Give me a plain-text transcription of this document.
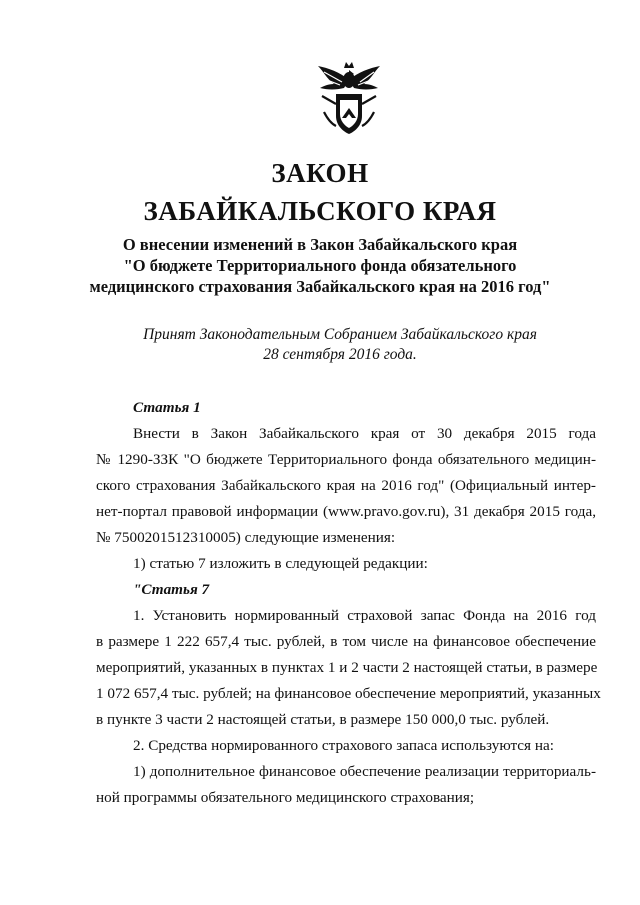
ЗАКОН
ЗАБАЙКАЛЬСКОГО КРАЯ
О внесении изменений в Закон Забайкальского края
"О бюджете Территориального фонда обязательного
медицинского страхования Забайкальского края на 2016 год"
Принят Законодательным Собранием Забайкальского края
28 сентября 2016 года.
Статья 1
Внести в Закон Забайкальского края от 30 декабря 2015 года
№ 1290-ЗЗК "О бюджете Территориального фонда обязательного медицин-
ского страхования Забайкальского края на 2016 год" (Официальный интер-
нет-портал правовой информации (www.pravo.gov.ru), 31 декабря 2015 года,
№ 7500201512310005) следующие изменения:
1) статью 7 изложить в следующей редакции:
"Статья 7
1. Установить нормированный страховой запас Фонда на 2016 год
в размере 1 222 657,4 тыс. рублей, в том числе на финансовое обеспечение
мероприятий, указанных в пунктах 1 и 2 части 2 настоящей статьи, в размере
1 072 657,4 тыс. рублей; на финансовое обеспечение мероприятий, указанных
в пункте 3 части 2 настоящей статьи, в размере 150 000,0 тыс. рублей.
2. Средства нормированного страхового запаса используются на:
1) дополнительное финансовое обеспечение реализации территориаль-
ной программы обязательного медицинского страхования;
